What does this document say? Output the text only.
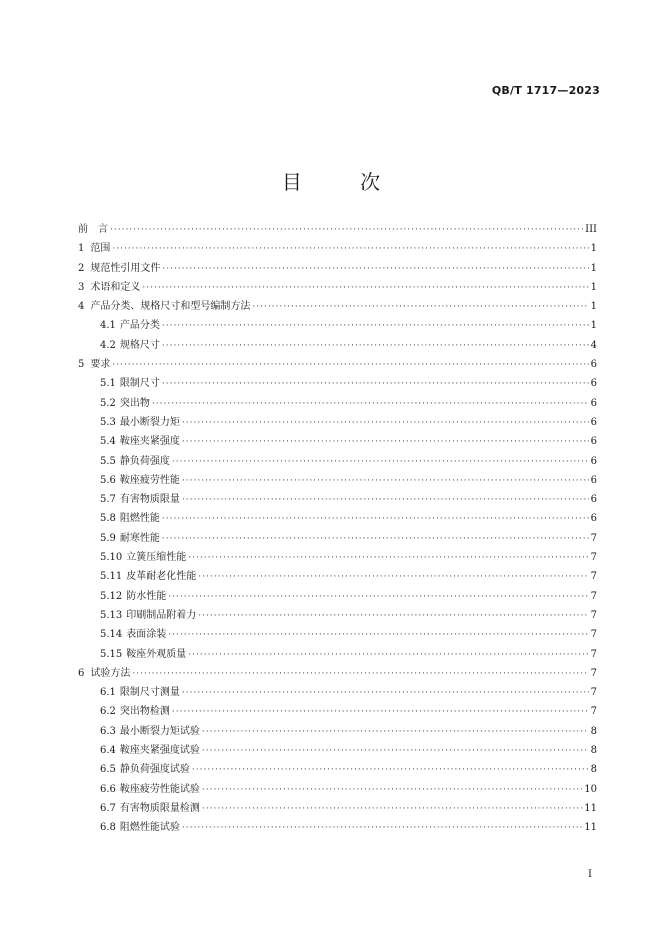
QB/T 1717—2023
目 次
前　言 ·····	III
1 范围 ·····	1
2 规范性引用文件 ·····	1
3 术语和定义 ·····	1
4 产品分类、规格尺寸和型号编制方法 ·····	1
4.1 产品分类 ·····	1
4.2 规格尺寸 ·····	4
5 要求 ·····	6
5.1 限制尺寸 ·····	6
5.2 突出物 ·····	6
5.3 最小断裂力矩 ·····	6
5.4 鞍座夹紧强度 ·····	6
5.5 静负荷强度 ·····	6
5.6 鞍座疲劳性能 ·····	6
5.7 有害物质限量 ·····	6
5.8 阻燃性能 ·····	6
5.9 耐寒性能 ·····	7
5.10 立簧压缩性能 ·····	7
5.11 皮革耐老化性能 ·····	7
5.12 防水性能 ·····	7
5.13 印刷制品附着力 ·····	7
5.14 表面涂装 ·····	7
5.15 鞍座外观质量 ·····	7
6 试验方法 ·····	7
6.1 限制尺寸测量 ·····	7
6.2 突出物检测 ·····	7
6.3 最小断裂力矩试验 ·····	8
6.4 鞍座夹紧强度试验 ·····	8
6.5 静负荷强度试验 ·····	8
6.6 鞍座疲劳性能试验 ·····	10
6.7 有害物质限量检测 ·····	11
6.8 阻燃性能试验 ·····	11
I
